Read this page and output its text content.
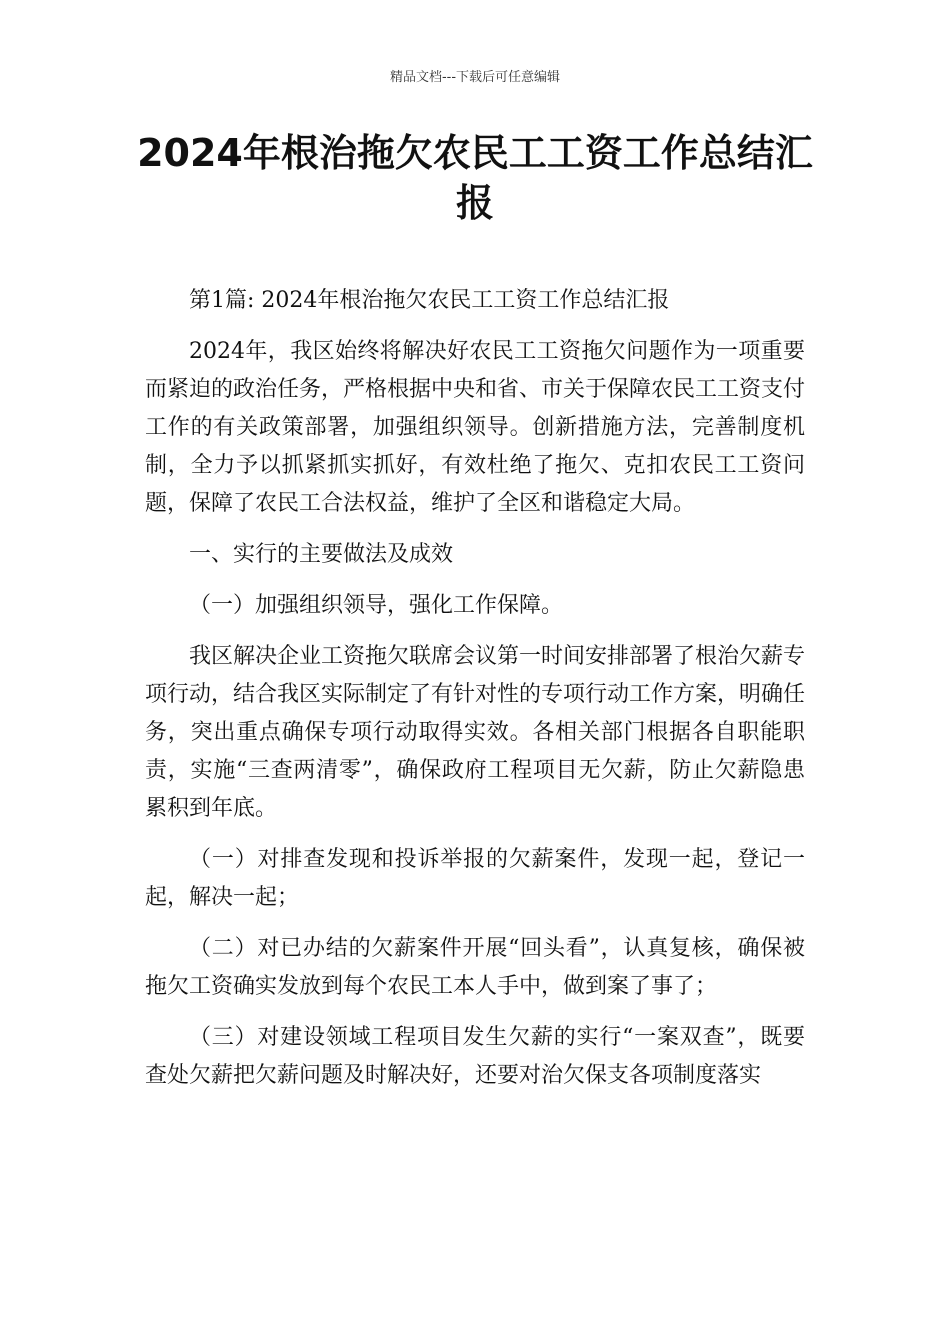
精品文档---下载后可任意编辑
2024年根治拖欠农民工工资工作总结汇报

第1篇: 2024年根治拖欠农民工工资工作总结汇报

2024年，我区始终将解决好农民工工资拖欠问题作为一项重要而紧迫的政治任务，严格根据中央和省、市关于保障农民工工资支付工作的有关政策部署，加强组织领导。创新措施方法，完善制度机制，全力予以抓紧抓实抓好，有效杜绝了拖欠、克扣农民工工资问题，保障了农民工合法权益，维护了全区和谐稳定大局。

一、实行的主要做法及成效

（一）加强组织领导，强化工作保障。

我区解决企业工资拖欠联席会议第一时间安排部署了根治欠薪专项行动，结合我区实际制定了有针对性的专项行动工作方案，明确任务，突出重点确保专项行动取得实效。各相关部门根据各自职能职责，实施“三查两清零”，确保政府工程项目无欠薪，防止欠薪隐患累积到年底。

（一）对排查发现和投诉举报的欠薪案件，发现一起，登记一起，解决一起；

（二）对已办结的欠薪案件开展“回头看”，认真复核，确保被拖欠工资确实发放到每个农民工本人手中，做到案了事了；

（三）对建设领域工程项目发生欠薪的实行“一案双查”，既要查处欠薪把欠薪问题及时解决好，还要对治欠保支各项制度落实
